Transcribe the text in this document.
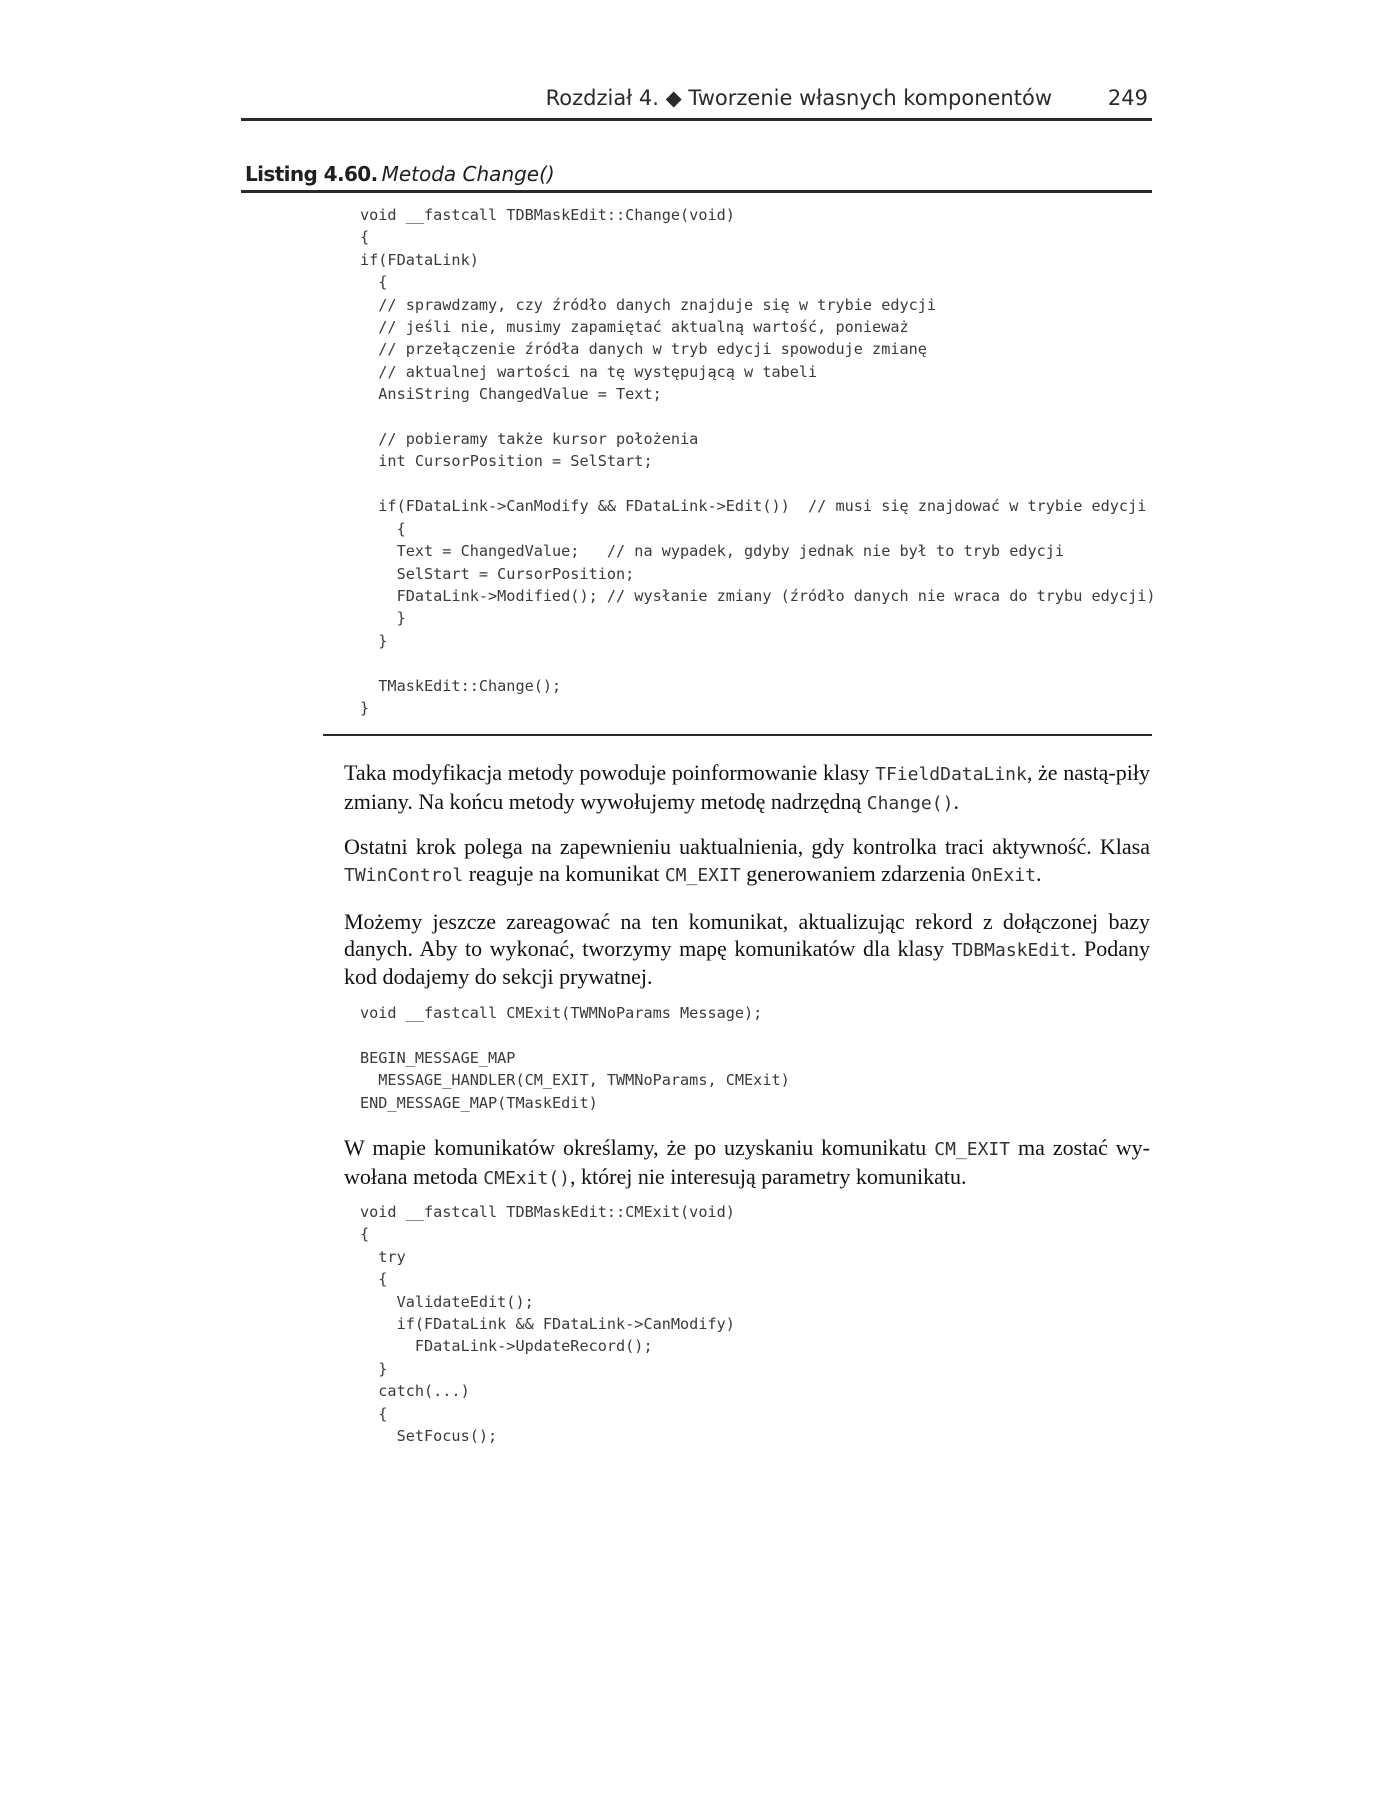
Rozdział 4. ◆ Tworzenie własnych komponentów	249
Listing 4.60. Metoda Change()
void __fastcall TDBMaskEdit::Change(void)
{
if(FDataLink)
{
// sprawdzamy, czy źródło danych znajduje się w trybie edycji
// jeśli nie, musimy zapamiętać aktualną wartość, ponieważ
// przełączenie źródła danych w tryb edycji spowoduje zmianę
// aktualnej wartości na tę występującą w tabeli
AnsiString ChangedValue = Text;

// pobieramy także kursor położenia
int CursorPosition = SelStart;

if(FDataLink->CanModify && FDataLink->Edit())  // musi się znajdować w trybie edycji
{
Text = ChangedValue;   // na wypadek, gdyby jednak nie był to tryb edycji
SelStart = CursorPosition;
FDataLink->Modified(); // wysłanie zmiany (źródło danych nie wraca do trybu edycji)
}
}

TMaskEdit::Change();
}

Taka modyfikacja metody powoduje poinformowanie klasy TFieldDataLink, że nastą-piły zmiany. Na końcu metody wywołujemy metodę nadrzędną Change().

Ostatni krok polega na zapewnieniu uaktualnienia, gdy kontrolka traci aktywność. Klasa TWinControl reaguje na komunikat CM_EXIT generowaniem zdarzenia OnExit.

Możemy jeszcze zareagować na ten komunikat, aktualizując rekord z dołączonej bazy danych. Aby to wykonać, tworzymy mapę komunikatów dla klasy TDBMaskEdit. Podany kod dodajemy do sekcji prywatnej.

void __fastcall CMExit(TWMNoParams Message);

BEGIN_MESSAGE_MAP
MESSAGE_HANDLER(CM_EXIT, TWMNoParams, CMExit)
END_MESSAGE_MAP(TMaskEdit)

W mapie komunikatów określamy, że po uzyskaniu komunikatu CM_EXIT ma zostać wy-wołana metoda CMExit(), której nie interesują parametry komunikatu.

void __fastcall TDBMaskEdit::CMExit(void)
{
try
{
ValidateEdit();
if(FDataLink && FDataLink->CanModify)
FDataLink->UpdateRecord();
}
catch(...)
{
SetFocus();
